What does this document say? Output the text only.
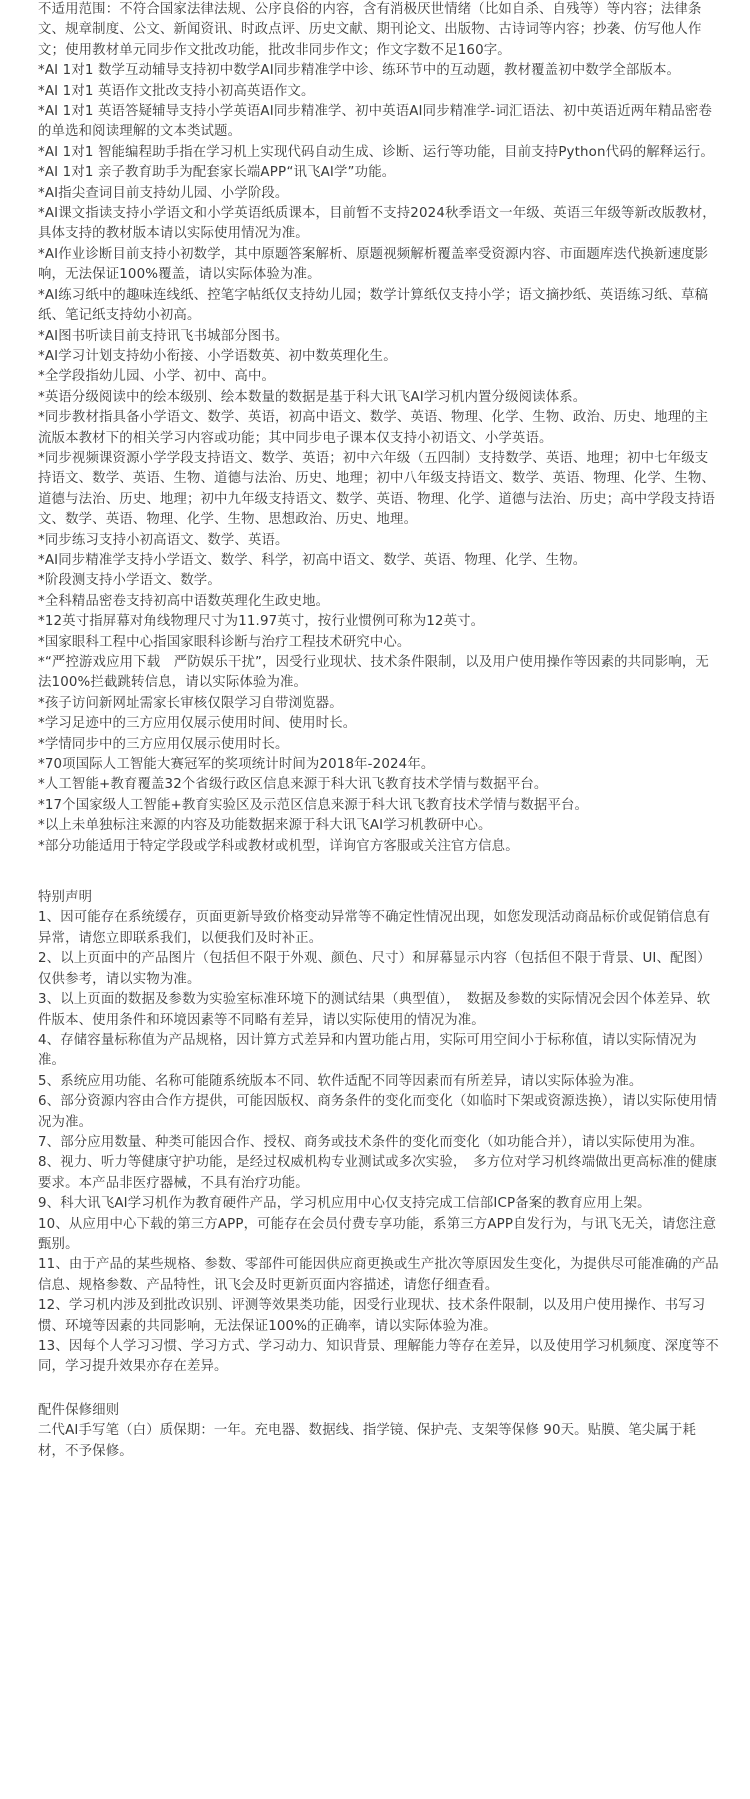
不适用范围：不符合国家法律法规、公序良俗的内容，含有消极厌世情绪（比如自杀、自残等）等内容；法律条文、规章制度、公文、新闻资讯、时政点评、历史文献、期刊论文、出版物、古诗词等内容；抄袭、仿写他人作文；使用教材单元同步作文批改功能，批改非同步作文；作文字数不足160字。

*AI 1对1 数学互动辅导支持初中数学AI同步精准学中诊、练环节中的互动题，教材覆盖初中数学全部版本。

*AI 1对1 英语作文批改支持小初高英语作文。

*AI 1对1 英语答疑辅导支持小学英语AI同步精准学、初中英语AI同步精准学-词汇语法、初中英语近两年精品密卷的单选和阅读理解的文本类试题。

*AI 1对1 智能编程助手指在学习机上实现代码自动生成、诊断、运行等功能，目前支持Python代码的解释运行。

*AI 1对1 亲子教育助手为配套家长端APP“讯飞AI学”功能。

*AI指尖查词目前支持幼儿园、小学阶段。

*AI课文指读支持小学语文和小学英语纸质课本，目前暂不支持2024秋季语文一年级、英语三年级等新改版教材，具体支持的教材版本请以实际使用情况为准。

*AI作业诊断目前支持小初数学，其中原题答案解析、原题视频解析覆盖率受资源内容、市面题库迭代换新速度影响，无法保证100%覆盖，请以实际体验为准。

*AI练习纸中的趣味连线纸、控笔字帖纸仅支持幼儿园；数学计算纸仅支持小学；语文摘抄纸、英语练习纸、草稿纸、笔记纸支持幼小初高。

*AI图书听读目前支持讯飞书城部分图书。

*AI学习计划支持幼小衔接、小学语数英、初中数英理化生。

*全学段指幼儿园、小学、初中、高中。

*英语分级阅读中的绘本级别、绘本数量的数据是基于科大讯飞AI学习机内置分级阅读体系。

*同步教材指具备小学语文、数学、英语，初高中语文、数学、英语、物理、化学、生物、政治、历史、地理的主流版本教材下的相关学习内容或功能；其中同步电子课本仅支持小初语文、小学英语。

*同步视频课资源小学学段支持语文、数学、英语；初中六年级（五四制）支持数学、英语、地理；初中七年级支持语文、数学、英语、生物、道德与法治、历史、地理；初中八年级支持语文、数学、英语、物理、化学、生物、道德与法治、历史、地理；初中九年级支持语文、数学、英语、物理、化学、道德与法治、历史；高中学段支持语文、数学、英语、物理、化学、生物、思想政治、历史、地理。

*同步练习支持小初高语文、数学、英语。

*AI同步精准学支持小学语文、数学、科学，初高中语文、数学、英语、物理、化学、生物。

*阶段测支持小学语文、数学。

*全科精品密卷支持初高中语数英理化生政史地。

*12英寸指屏幕对角线物理尺寸为11.97英寸，按行业惯例可称为12英寸。

*国家眼科工程中心指国家眼科诊断与治疗工程技术研究中心。

*“严控游戏应用下载　严防娱乐干扰”，因受行业现状、技术条件限制，以及用户使用操作等因素的共同影响，无法100%拦截跳转信息，请以实际体验为准。

*孩子访问新网址需家长审核仅限学习自带浏览器。

*学习足迹中的三方应用仅展示使用时间、使用时长。

*学情同步中的三方应用仅展示使用时长。

*70项国际人工智能大赛冠军的奖项统计时间为2018年-2024年。

*人工智能+教育覆盖32个省级行政区信息来源于科大讯飞教育技术学情与数据平台。

*17个国家级人工智能+教育实验区及示范区信息来源于科大讯飞教育技术学情与数据平台。

*以上未单独标注来源的内容及功能数据来源于科大讯飞AI学习机教研中心。

*部分功能适用于特定学段或学科或教材或机型，详询官方客服或关注官方信息。

特别声明

1、因可能存在系统缓存，页面更新导致价格变动异常等不确定性情况出现，如您发现活动商品标价或促销信息有异常，请您立即联系我们，以便我们及时补正。

2、以上页面中的产品图片（包括但不限于外观、颜色、尺寸）和屏幕显示内容（包括但不限于背景、UI、配图）仅供参考，请以实物为准。

3、以上页面的数据及参数为实验室标准环境下的测试结果（典型值），　数据及参数的实际情况会因个体差异、软件版本、使用条件和环境因素等不同略有差异，请以实际使用的情况为准。

4、存储容量标称值为产品规格，因计算方式差异和内置功能占用，实际可用空间小于标称值，请以实际情况为准。

5、系统应用功能、名称可能随系统版本不同、软件适配不同等因素而有所差异，请以实际体验为准。

6、部分资源内容由合作方提供，可能因版权、商务条件的变化而变化（如临时下架或资源迭换），请以实际使用情况为准。

7、部分应用数量、种类可能因合作、授权、商务或技术条件的变化而变化（如功能合并），请以实际使用为准。

8、视力、听力等健康守护功能，是经过权威机构专业测试或多次实验，　多方位对学习机终端做出更高标准的健康要求。本产品非医疗器械，不具有治疗功能。

9、科大讯飞AI学习机作为教育硬件产品，学习机应用中心仅支持完成工信部ICP备案的教育应用上架。

10、从应用中心下载的第三方APP，可能存在会员付费专享功能，系第三方APP自发行为，与讯飞无关，请您注意甄别。

11、由于产品的某些规格、参数、零部件可能因供应商更换或生产批次等原因发生变化，为提供尽可能准确的产品信息、规格参数、产品特性，讯飞会及时更新页面内容描述，请您仔细查看。

12、学习机内涉及到批改识别、评测等效果类功能，因受行业现状、技术条件限制，以及用户使用操作、书写习惯、环境等因素的共同影响，无法保证100%的正确率，请以实际体验为准。

13、因每个人学习习惯、学习方式、学习动力、知识背景、理解能力等存在差异，以及使用学习机频度、深度等不同，学习提升效果亦存在差异。

配件保修细则

二代AI手写笔（白）质保期：一年。充电器、数据线、指学镜、保护壳、支架等保修 90天。贴膜、笔尖属于耗材，不予保修。
